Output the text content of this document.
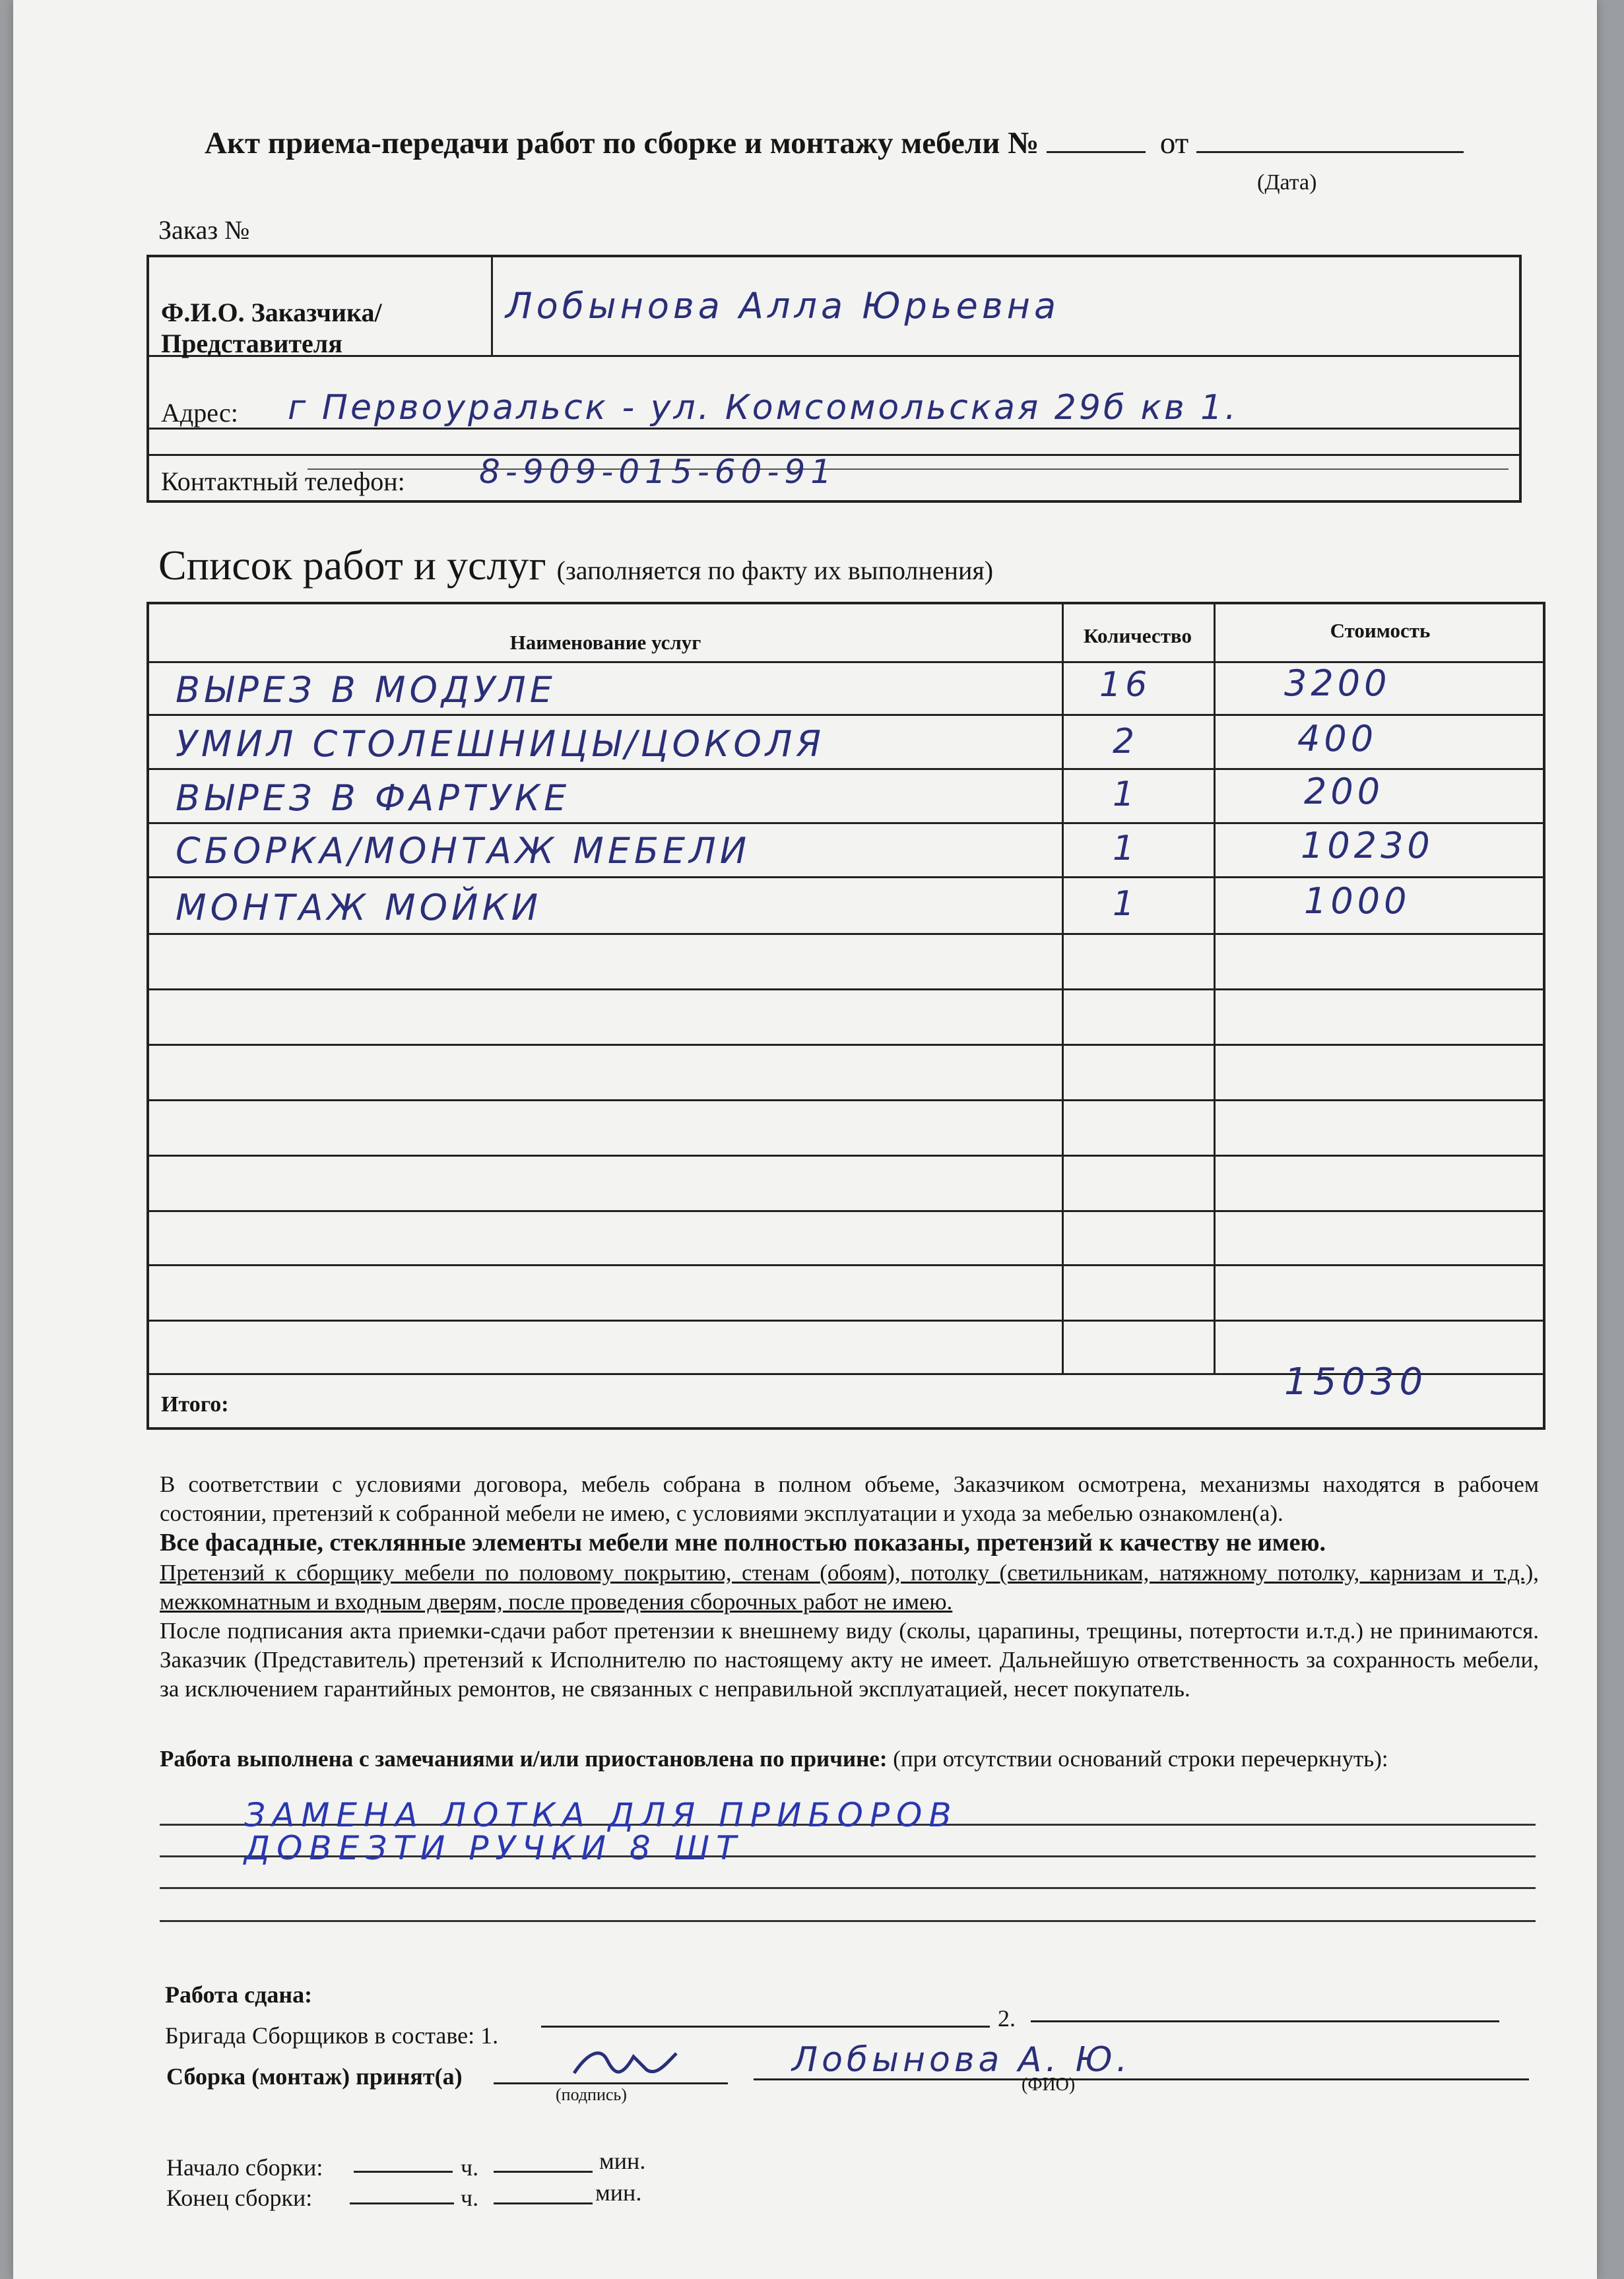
Акт приема-передачи работ по сборке и монтажу мебели №	от
(Дата)
Заказ №
Ф.И.О. Заказчика/
Представителя
Лобынова Алла Юрьевна
Адрес: г Первоуральск - ул. Комсомольская 29б кв 1.
Контактный телефон: 8-909-015-60-91
Список работ и услуг (заполняется по факту их выполнения)
Наименование услуг	Количество	Стоимость
ВЫРЕЗ В МОДУЛЕ	16	3200
УМИЛ СТОЛЕШНИЦЫ/ЦОКОЛЯ	2	400
ВЫРЕЗ В ФАРТУКЕ	1	200
СБОРКА/МОНТАЖ МЕБЕЛИ	1	10230
МОНТАЖ МОЙКИ	1	1000
Итого:
15030
В соответствии с условиями договора, мебель собрана в полном объеме, Заказчиком осмотрена, механизмы находятся в рабочем состоянии, претензий к собранной мебели не имею, с условиями эксплуатации и ухода за мебелью ознакомлен(а).
Все фасадные, стеклянные элементы мебели мне полностью показаны, претензий к качеству не имею.
Претензий к сборщику мебели по половому покрытию, стенам (обоям), потолку (светильникам, натяжному потолку, карнизам и т.д.), межкомнатным и входным дверям, после проведения сборочных работ не имею.
После подписания акта приемки-сдачи работ претензии к внешнему виду (сколы, царапины, трещины, потертости и.т.д.) не принимаются. Заказчик (Представитель) претензий к Исполнителю по настоящему акту не имеет. Дальнейшую ответственность за сохранность мебели, за исключением гарантийных ремонтов, не связанных с неправильной эксплуатацией, несет покупатель.
Работа выполнена с замечаниями и/или приостановлена по причине: (при отсутствии оснований строки перечеркнуть):
ЗАМЕНА ЛОТКА ДЛЯ ПРИБОРОВ
ДОВЕЗТИ РУЧКИ 8 ШТ
Работа сдана:
Бригада Сборщиков в составе: 1.
2.
Сборка (монтаж) принят(а)
(подпись)
Лобынова А. Ю.
(ФИО)
Начало сборки:	ч.	мин.
Конец сборки:	ч.	мин.
